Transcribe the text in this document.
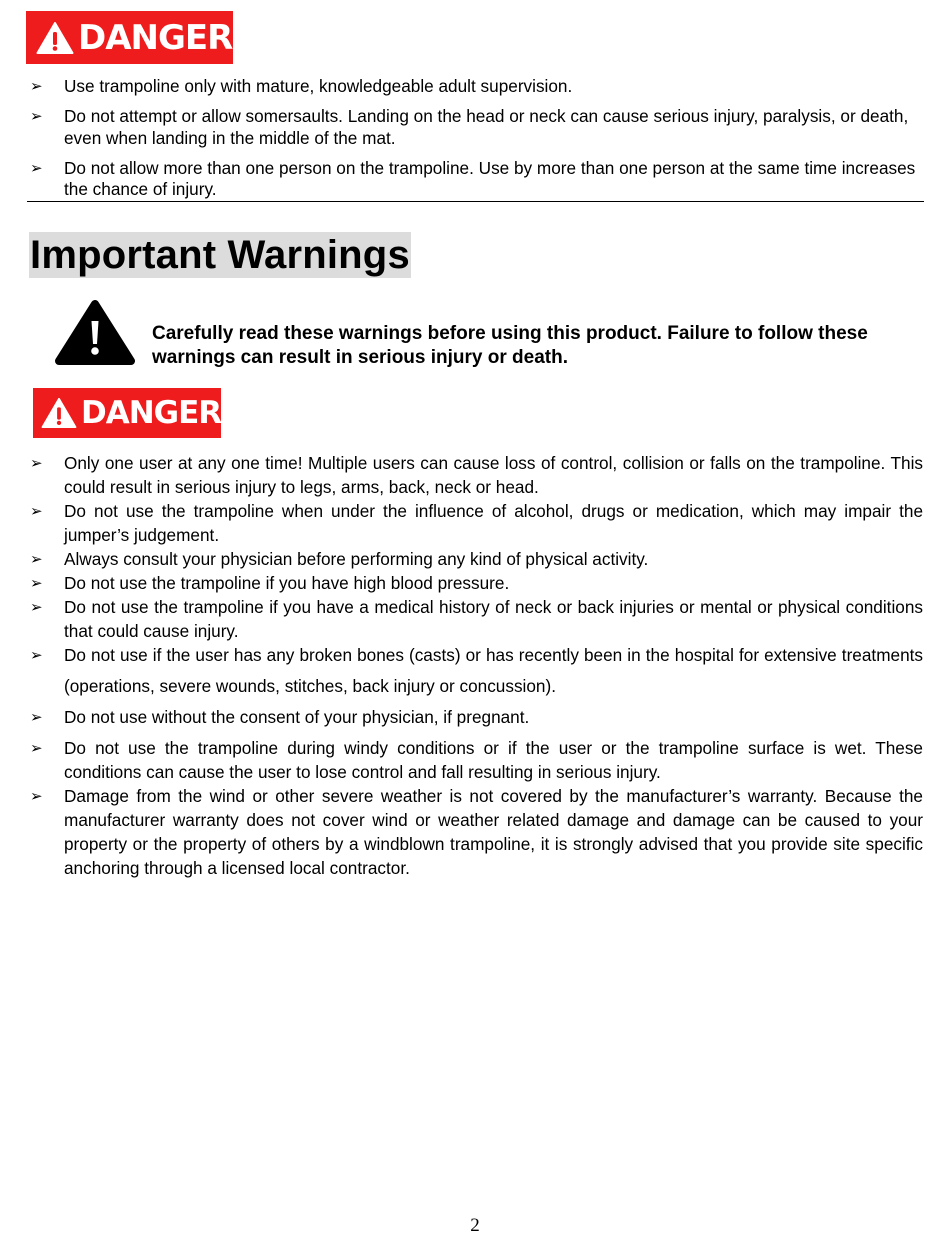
DANGER
➢ Use trampoline only with mature, knowledgeable adult supervision.
➢ Do not attempt or allow somersaults. Landing on the head or neck can cause serious injury, paralysis, or death, even when landing in the middle of the mat.
➢ Do not allow more than one person on the trampoline. Use by more than one person at the same time increases the chance of injury.
Important Warnings
Carefully read these warnings before using this product. Failure to follow these warnings can result in serious injury or death.
DANGER
➢ Only one user at any one time! Multiple users can cause loss of control, collision or falls on the trampoline. This could result in serious injury to legs, arms, back, neck or head.
➢ Do not use the trampoline when under the influence of alcohol, drugs or medication, which may impair the jumper’s judgement.
➢ Always consult your physician before performing any kind of physical activity.
➢ Do not use the trampoline if you have high blood pressure.
➢ Do not use the trampoline if you have a medical history of neck or back injuries or mental or physical conditions that could cause injury.
➢ Do not use if the user has any broken bones (casts) or has recently been in the hospital for extensive treatments (operations, severe wounds, stitches, back injury or concussion).
➢ Do not use without the consent of your physician, if pregnant.
➢ Do not use the trampoline during windy conditions or if the user or the trampoline surface is wet. These conditions can cause the user to lose control and fall resulting in serious injury.
➢ Damage from the wind or other severe weather is not covered by the manufacturer’s warranty. Because the manufacturer warranty does not cover wind or weather related damage and damage can be caused to your property or the property of others by a windblown trampoline, it is strongly advised that you provide site specific anchoring through a licensed local contractor.
2
